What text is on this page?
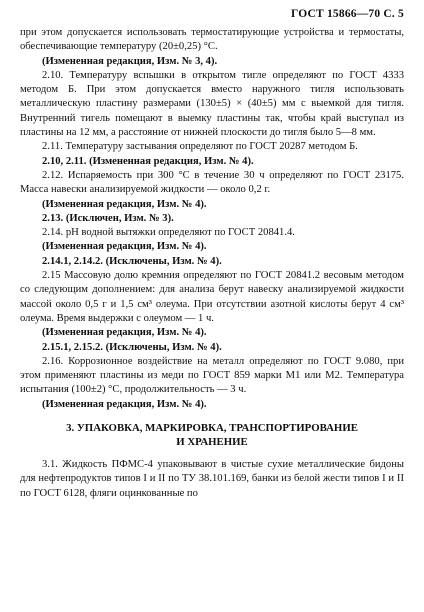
ГОСТ 15866—70 С. 5

при этом допускается использовать термостатирующие устройства и термостаты, обеспечивающие температуру (20±0,25) °С.

(Измененная редакция, Изм. № 3, 4).

2.10. Температуру вспышки в открытом тигле определяют по ГОСТ 4333 методом Б. При этом допускается вместо наружного тигля использовать металлическую пластину размерами (130±5) × (40±5) мм с выемкой для тигля. Внутренний тигель помещают в выемку пластины так, чтобы край выступал из пластины на 12 мм, а расстояние от нижней плоскости до тигля было 5—8 мм.

2.11. Температуру застывания определяют по ГОСТ 20287 методом Б.

2.10, 2.11. (Измененная редакция, Изм. № 4).

2.12. Испаряемость при 300 °С в течение 30 ч определяют по ГОСТ 23175. Масса навески анализируемой жидкости — около 0,2 г.

(Измененная редакция, Изм. № 4).

2.13. (Исключен, Изм. № 3).

2.14. pH водной вытяжки определяют по ГОСТ 20841.4.

(Измененная редакция, Изм. № 4).

2.14.1, 2.14.2. (Исключены, Изм. № 4).

2.15 Массовую долю кремния определяют по ГОСТ 20841.2 весовым методом со следующим дополнением: для анализа берут навеску анализируемой жидкости массой около 0,5 г и 1,5 см³ олеума. При отсутствии азотной кислоты берут 4 см³ олеума. Время выдержки с олеумом — 1 ч.

(Измененная редакция, Изм. № 4).

2.15.1, 2.15.2. (Исключены, Изм. № 4).

2.16. Коррозионное воздействие на металл определяют по ГОСТ 9.080, при этом применяют пластины из меди по ГОСТ 859 марки М1 или М2. Температура испытания (100±2) °С, продолжительность — 3 ч.

(Измененная редакция, Изм. № 4).

3. УПАКОВКА, МАРКИРОВКА, ТРАНСПОРТИРОВАНИЕ

И ХРАНЕНИЕ

3.1. Жидкость ПФМС-4 упаковывают в чистые сухие металлические бидоны для нефтепродуктов типов I и II по ТУ 38.101.169, банки из белой жести типов I и II по ГОСТ 6128, фляги оцинкованные по
